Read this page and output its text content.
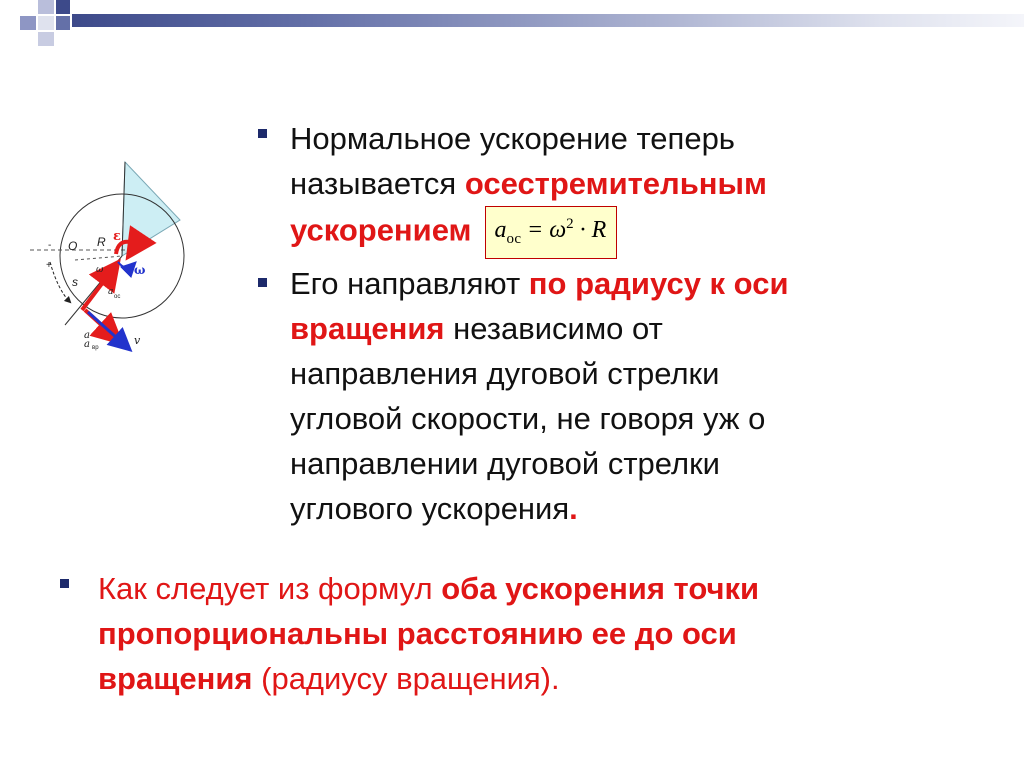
- O R ε
ω	ω
+
s
a ос
a
a вр
v

Нормальное ускорение теперь

называется осестремительным

ускорением $a_{ос} = \omega^2 \cdot R$

Его направляют по радиусу к оси

вращения независимо от

направления дуговой стрелки

угловой скорости, не говоря уж о

направлении дуговой стрелки

углового ускорения.

Как следует из формул оба ускорения точки

пропорциональны расстоянию ее до оси

вращения (радиусу вращения).
